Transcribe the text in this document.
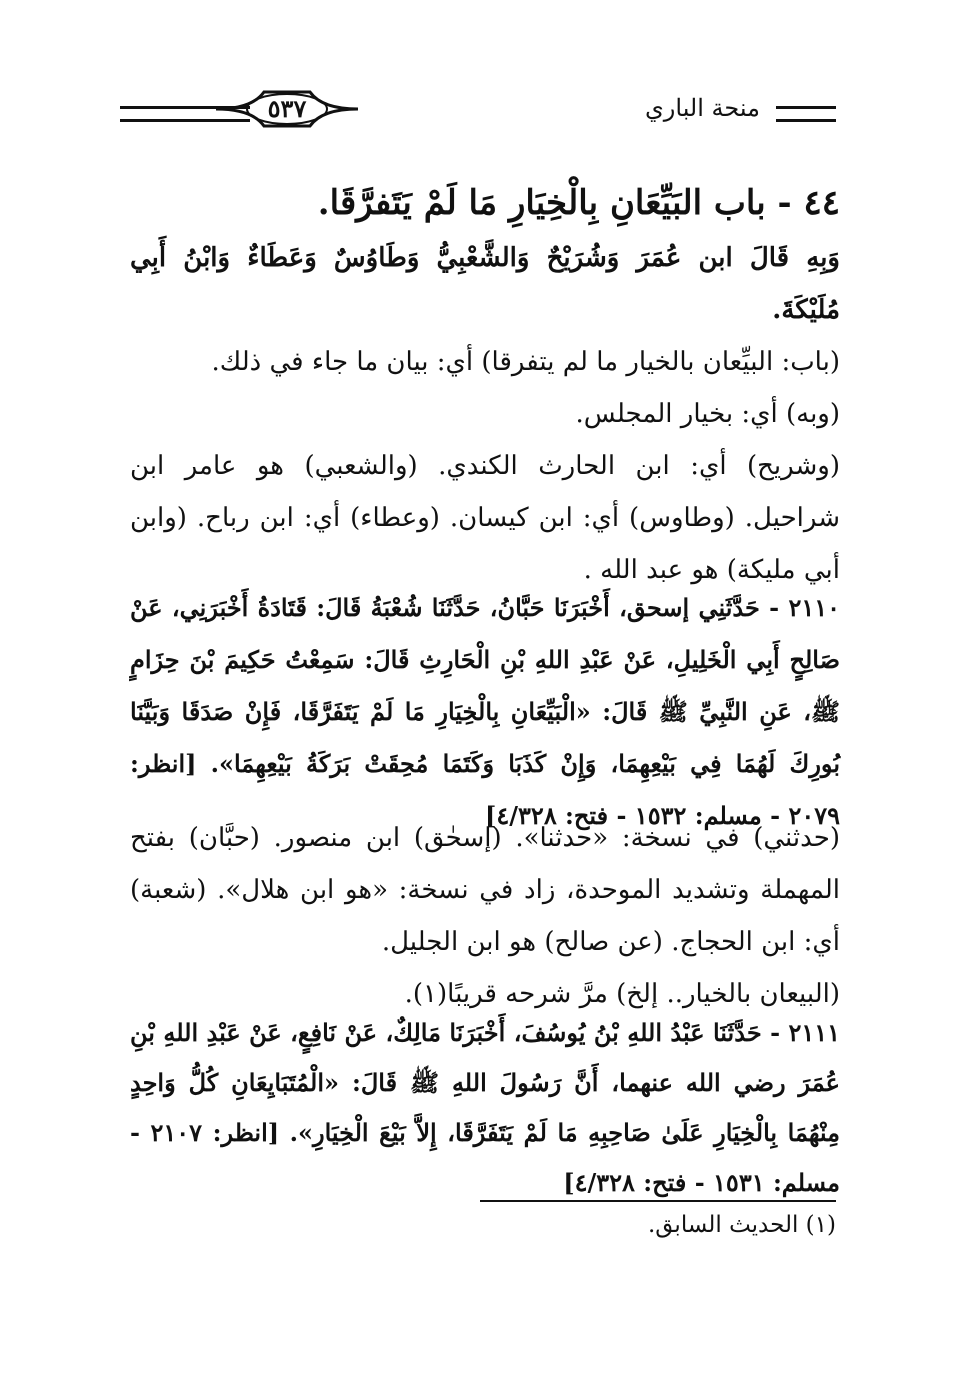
منحة الباري
٥٣٧
٤٤ - باب البَيِّعَانِ بِالْخِيَارِ مَا لَمْ يَتَفرَّقَا.
وَبِهِ قَالَ ابن عُمَرَ وَشُرَيْحٌ وَالشَّعْبِيُّ وَطَاوُسٌ وَعَطَاءٌ وَابْنُ أَبِي مُلَيْكَةَ.
(باب: البيِّعان بالخيار ما لم يتفرقا) أي: بيان ما جاء في ذلك.
(وبه) أي: بخيار المجلس.
(وشريح) أي: ابن الحارث الكندي. (والشعبي) هو عامر ابن شراحيل. (وطاوس) أي: ابن كيسان. (وعطاء) أي: ابن رباح. (وابن أبي مليكة) هو عبد الله .
٢١١٠ - حَدَّثَنِي إسحق، أَخْبَرَنَا حَبَّانُ، حَدَّثَنَا شُعْبَةُ قَالَ: قَتَادَةُ أَخْبَرَنِي، عَنْ صَالِحٍ أَبِي الْخَلِيلِ، عَنْ عَبْدِ اللهِ بْنِ الْحَارِثِ قَالَ: سَمِعْتُ حَكِيمَ بْنَ حِزَامٍ ﷺ، عَنِ النَّبِيِّ ﷺ قَالَ: «الْبَيِّعَانِ بِالْخِيَارِ مَا لَمْ يَتَفَرَّقَا، فَإِنْ صَدَقَا وَبَيَّنَا بُورِكَ لَهُمَا فِي بَيْعِهِمَا، وَإِنْ كَذَبَا وَكَتَمَا مُحِقَتْ بَرَكَةُ بَيْعِهِمَا». [انظر: ٢٠٧٩ - مسلم: ١٥٣٢ - فتح: ٤/٣٢٨]
(حدثني) في نسخة: «حدثنا». (إسحٰق) ابن منصور. (حبَّان) بفتح المهملة وتشديد الموحدة، زاد في نسخة: «هو ابن هلال». (شعبة) أي: ابن الحجاج. (عن صالح) هو ابن الجليل.
(البيعان بالخيار.. إلخ) مرَّ شرحه قريبًا(١).
٢١١١ - حَدَّثَنَا عَبْدُ اللهِ بْنُ يُوسُفَ، أَخْبَرَنَا مَالِكٌ، عَنْ نَافِعٍ، عَنْ عَبْدِ اللهِ بْنِ عُمَرَ رضي الله عنهما، أَنَّ رَسُولَ اللهِ ﷺ قَالَ: «الْمُتَبَايِعَانِ كُلُّ وَاحِدٍ مِنْهُمَا بِالْخِيَارِ عَلَىٰ صَاحِبِهِ مَا لَمْ يَتَفَرَّقَا، إِلاَّ بَيْعَ الْخِيَارِ». [انظر: ٢١٠٧ - مسلم: ١٥٣١ - فتح: ٤/٣٢٨]
(١) الحديث السابق.
